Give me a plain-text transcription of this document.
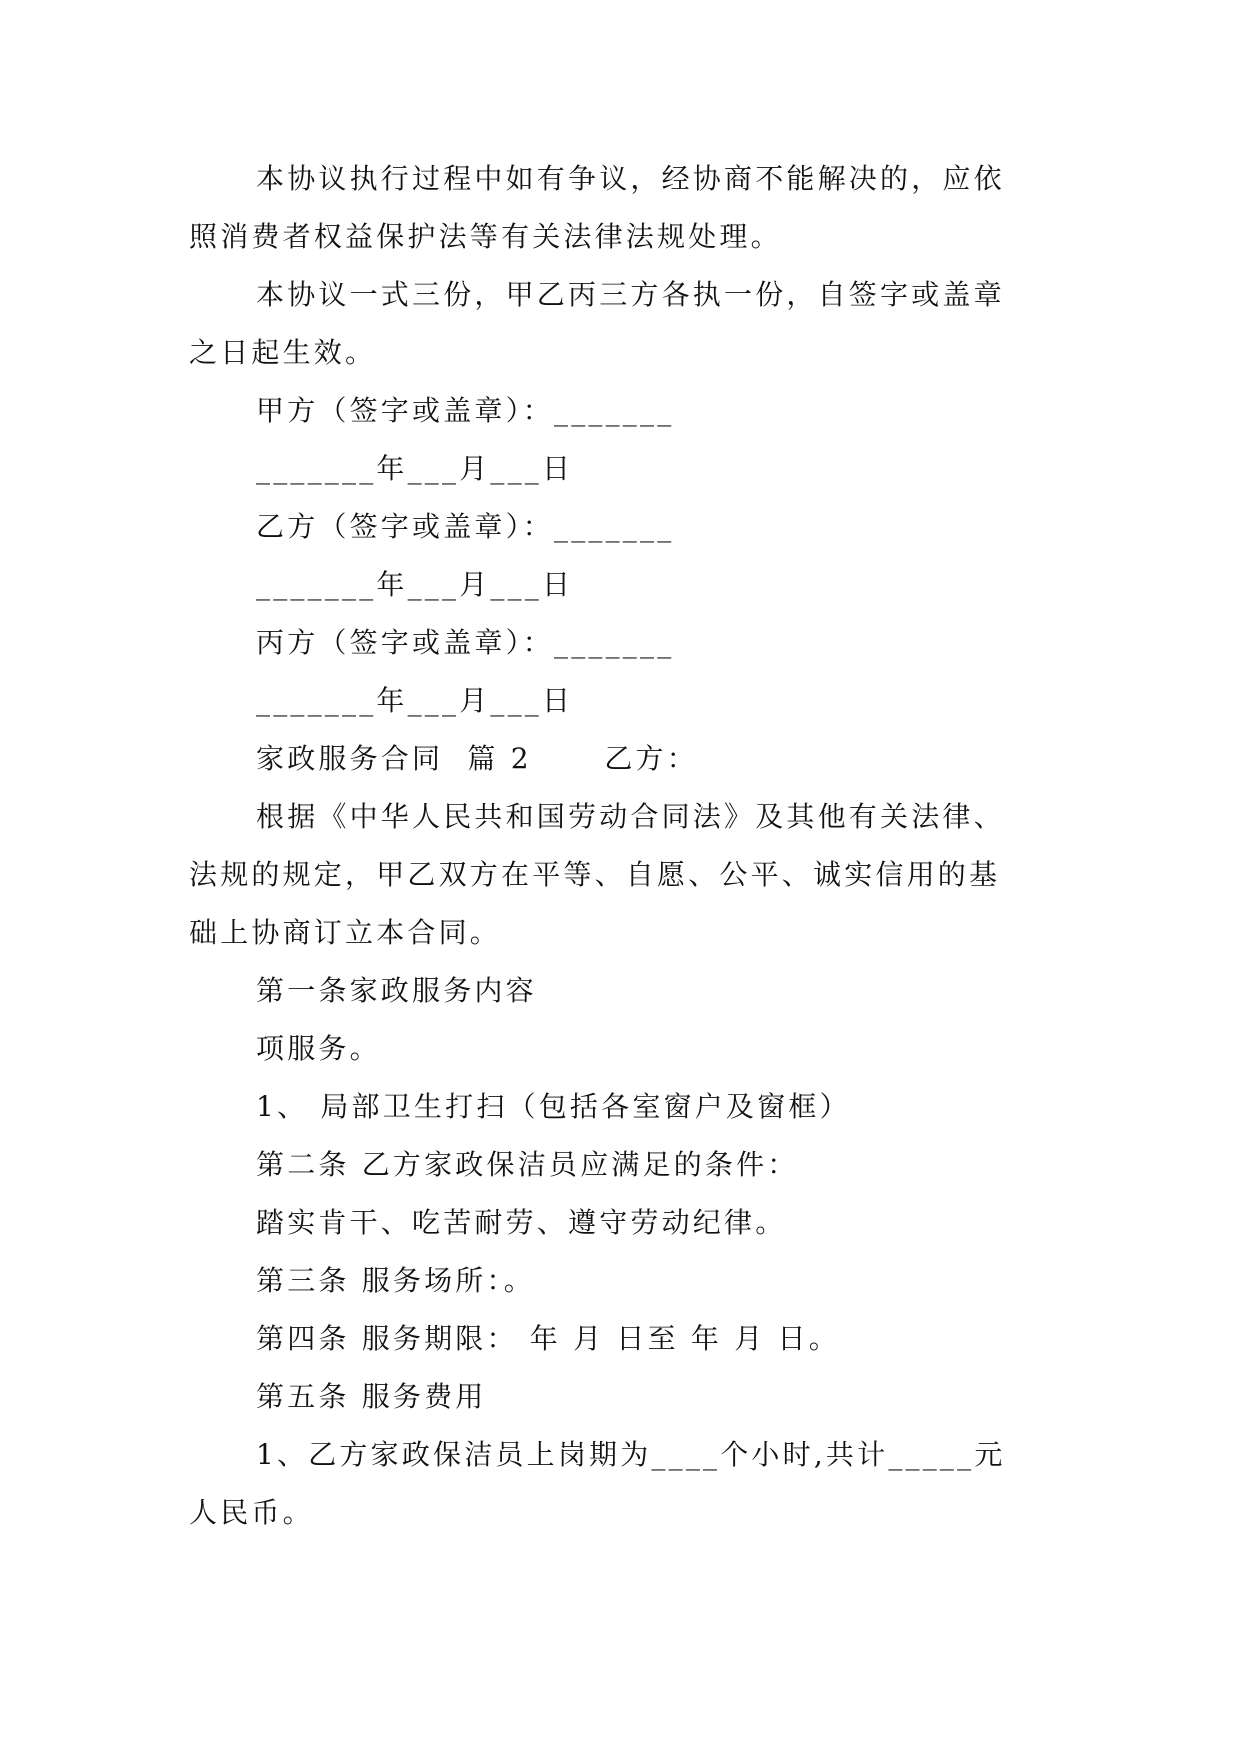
本协议执行过程中如有争议，经协商不能解决的，应依
照消费者权益保护法等有关法律法规处理。
本协议一式三份，甲乙丙三方各执一份，自签字或盖章
之日起生效。
甲方（签字或盖章）：_______
_______年___月___日
乙方（签字或盖章）：_______
_______年___月___日
丙方（签字或盖章）：_______
_______年___月___日
家政服务合同  篇 2      乙方：
根据《中华人民共和国劳动合同法》及其他有关法律、
法规的规定，甲乙双方在平等、自愿、公平、诚实信用的基
础上协商订立本合同。
第一条家政服务内容
项服务。
1、 局部卫生打扫（包括各室窗户及窗框）
第二条 乙方家政保洁员应满足的条件：
踏实肯干、吃苦耐劳、遵守劳动纪律。
第三条 服务场所：。
第四条 服务期限： 年 月 日至 年 月 日。
第五条 服务费用
1、乙方家政保洁员上岗期为____个小时,共计_____元
人民币。
